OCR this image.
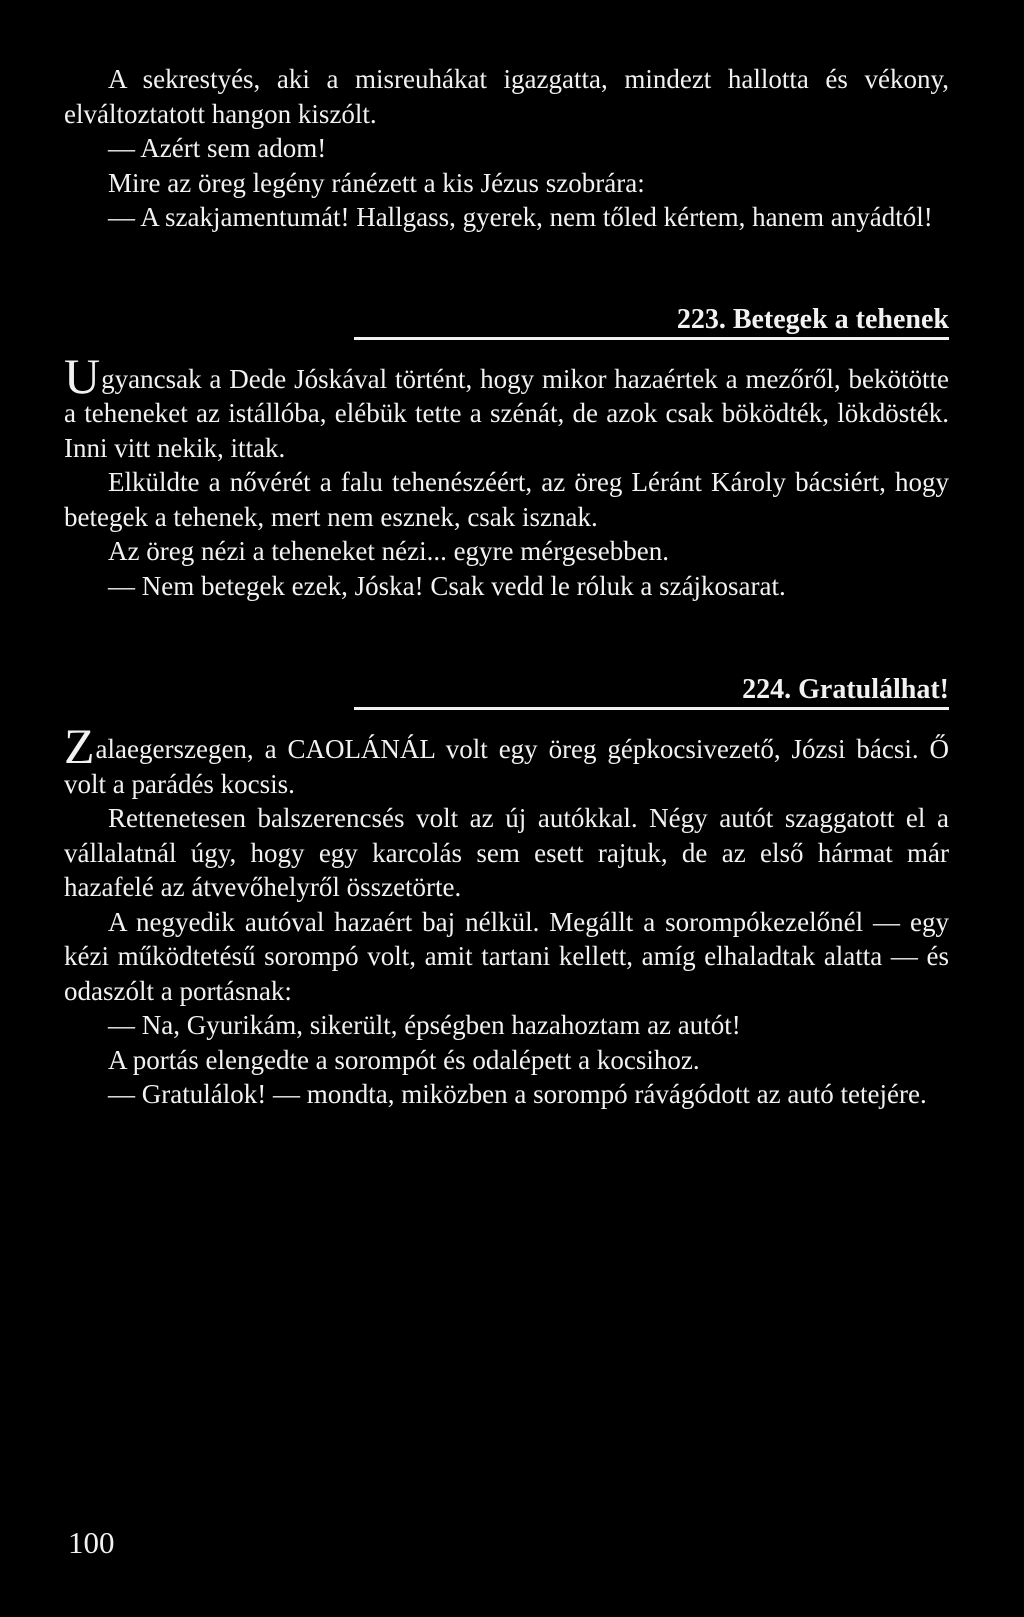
A sekrestyés, aki a misreuhákat igazgatta, mindezt hallotta és vékony, elváltoztatott hangon kiszólt.

— Azért sem adom!

Mire az öreg legény ránézett a kis Jézus szobrára:

— A szakjamentumát! Hallgass, gyerek, nem tőled kértem, hanem anyádtól!

223. Betegek a tehenek

Ugyancsak a Dede Jóskával történt, hogy mikor hazaértek a mezőről, bekötötte a teheneket az istállóba, elébük tette a szénát, de azok csak böködték, lökdösték. Inni vitt nekik, ittak.

Elküldte a nővérét a falu tehenészéért, az öreg Léránt Károly bácsiért, hogy betegek a tehenek, mert nem esznek, csak isznak.

Az öreg nézi a teheneket nézi... egyre mérgesebben.

— Nem betegek ezek, Jóska! Csak vedd le róluk a szájkosarat.

224. Gratulálhat!

Zalaegerszegen, a CAOLÁNÁL volt egy öreg gépkocsivezető, Józsi bácsi. Ő volt a parádés kocsis.

Rettenetesen balszerencsés volt az új autókkal. Négy autót szaggatott el a vállalatnál úgy, hogy egy karcolás sem esett rajtuk, de az első hármat már hazafelé az átvevőhelyről összetörte.

A negyedik autóval hazaért baj nélkül. Megállt a sorompókezelőnél — egy kézi működtetésű sorompó volt, amit tartani kellett, amíg elhaladtak alatta — és odaszólt a portásnak:

— Na, Gyurikám, sikerült, épségben hazahoztam az autót!

A portás elengedte a sorompót és odalépett a kocsihoz.

— Gratulálok! — mondta, miközben a sorompó rávágódott az autó tetejére.

100
